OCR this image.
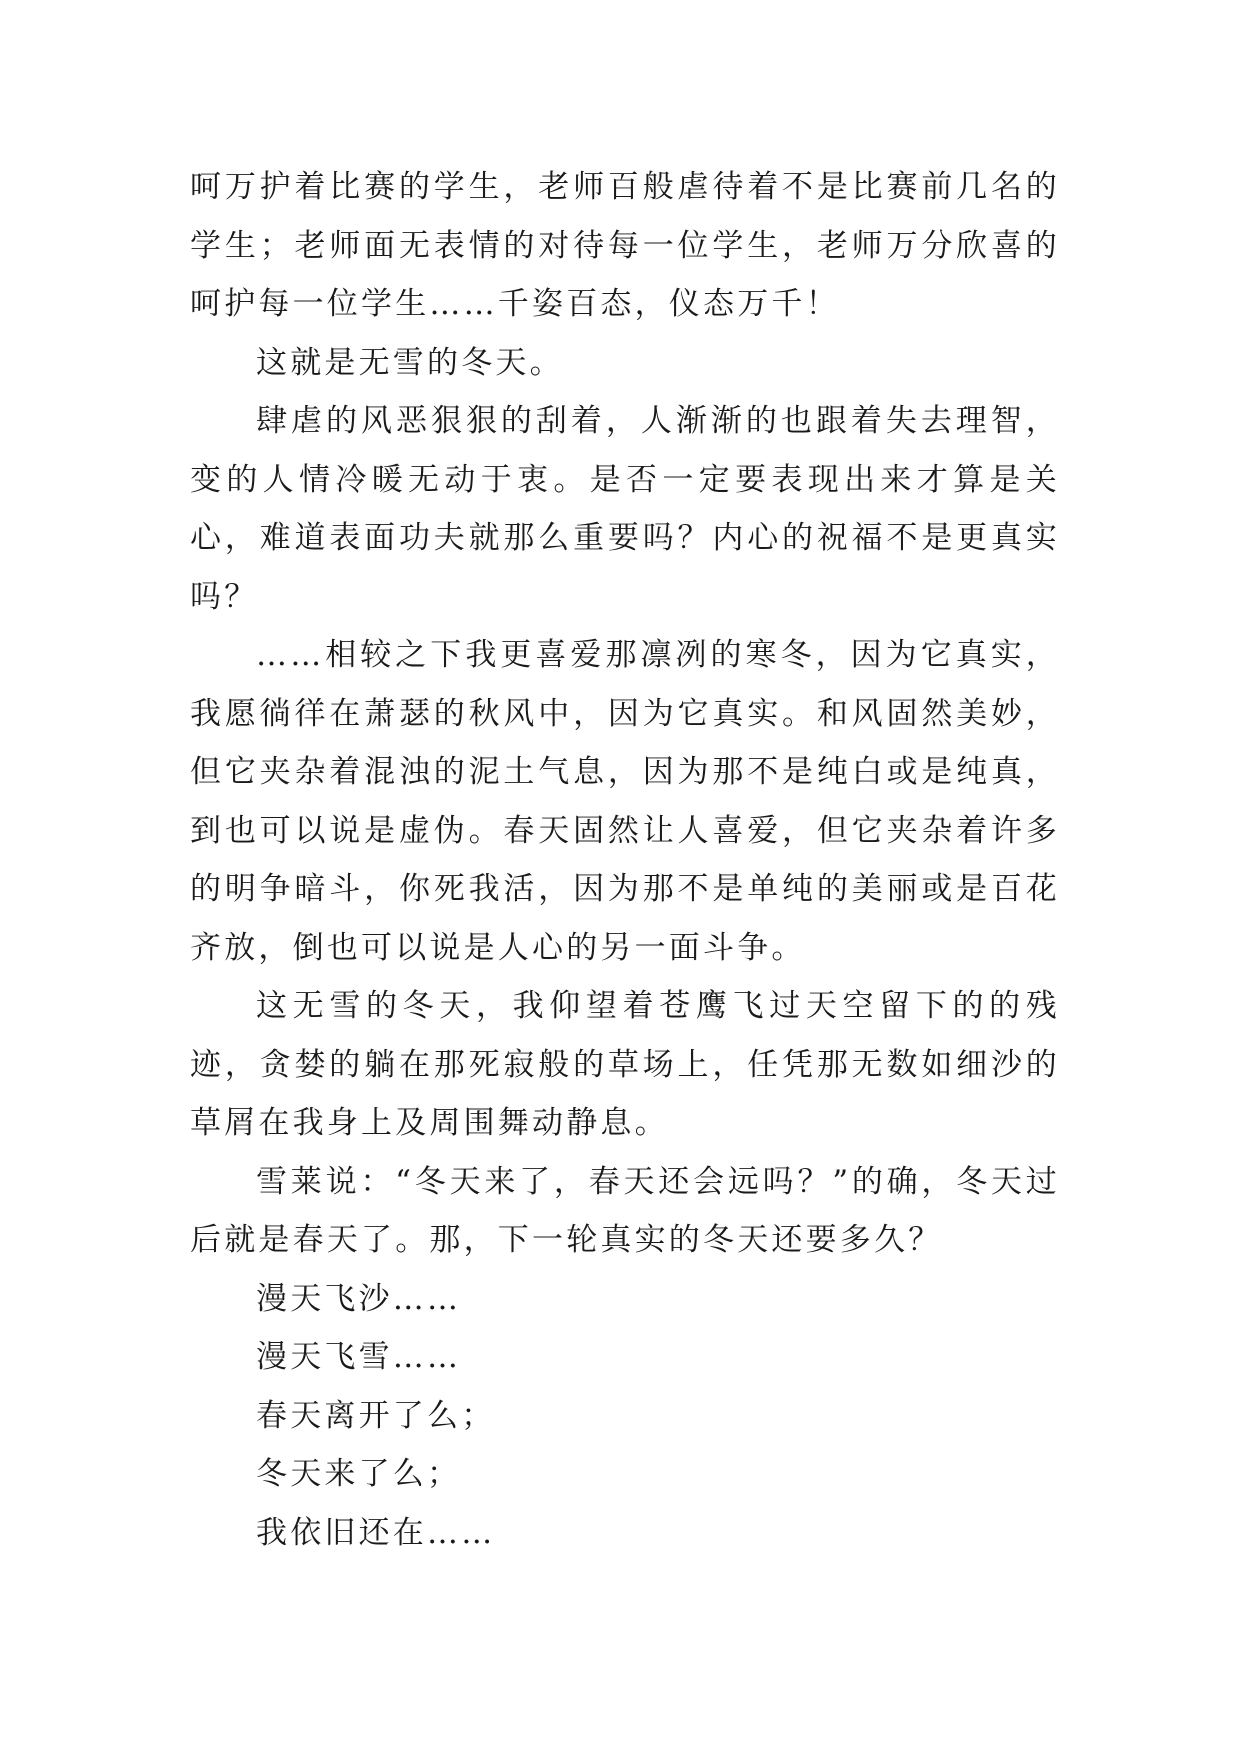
呵万护着比赛的学生，老师百般虐待着不是比赛前几名的学生；老师面无表情的对待每一位学生，老师万分欣喜的呵护每一位学生……千姿百态，仪态万千！

这就是无雪的冬天。

肆虐的风恶狠狠的刮着，人渐渐的也跟着失去理智，变的人情冷暖无动于衷。是否一定要表现出来才算是关心，难道表面功夫就那么重要吗？内心的祝福不是更真实吗？

……相较之下我更喜爱那凛冽的寒冬，因为它真实，我愿徜徉在萧瑟的秋风中，因为它真实。和风固然美妙，但它夹杂着混浊的泥土气息，因为那不是纯白或是纯真，到也可以说是虚伪。春天固然让人喜爱，但它夹杂着许多的明争暗斗，你死我活，因为那不是单纯的美丽或是百花齐放，倒也可以说是人心的另一面斗争。

这无雪的冬天，我仰望着苍鹰飞过天空留下的的残迹，贪婪的躺在那死寂般的草场上，任凭那无数如细沙的草屑在我身上及周围舞动静息。

雪莱说：“冬天来了，春天还会远吗？”的确，冬天过后就是春天了。那，下一轮真实的冬天还要多久？

漫天飞沙……

漫天飞雪……

春天离开了么；

冬天来了么；

我依旧还在……
